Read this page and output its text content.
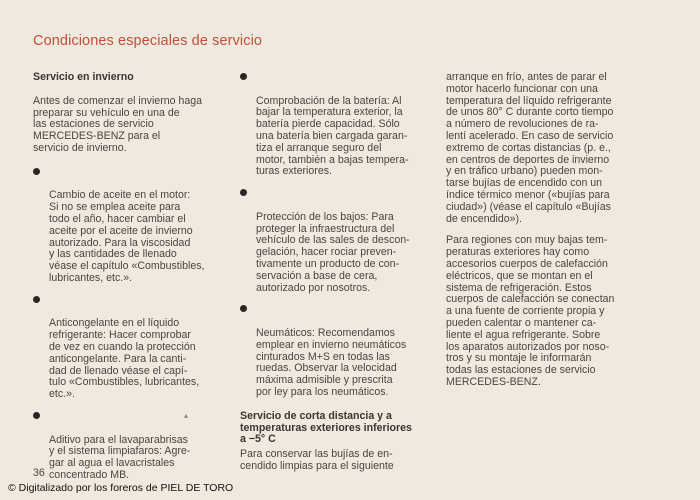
Condiciones especiales de servicio

Servicio en invierno

Antes de comenzar el invierno haga
preparar su vehículo en una de
las estaciones de servicio
MERCEDES-BENZ para el
servicio de invierno.

Cambio de aceite en el motor:
Si no se emplea aceite para
todo el año, hacer cambiar el
aceite por el aceite de invierno
autorizado. Para la viscosidad
y las cantidades de llenado
véase el capítulo «Combustibles,
lubricantes, etc.».

Anticongelante en el líquido
refrigerante: Hacer comprobar
de vez en cuando la protección
anticongelante. Para la canti-
dad de llenado véase el capí-
tulo «Combustibles, lubricantes,
etc.».

Aditivo para el lavaparabrisas
y el sistema limpiafaros: Agre-
gar al agua el lavacristales
concentrado MB.

Comprobación de la batería: Al
bajar la temperatura exterior, la
batería pierde capacidad. Sólo
una batería bien cargada garan-
tiza el arranque seguro del
motor, también a bajas tempera-
turas exteriores.

Protección de los bajos: Para
proteger la infraestructura del
vehículo de las sales de descon-
gelación, hacer rociar preven-
tivamente un producto de con-
servación a base de cera,
autorizado por nosotros.

Neumáticos: Recomendamos
emplear en invierno neumáticos
cinturados M+S en todas las
ruedas. Observar la velocidad
máxima admisible y prescrita
por ley para los neumáticos.

Servicio de corta distancia y a
temperaturas exteriores inferiores
a −5° C

Para conservar las bujías de en-
cendido limpias para el siguiente

arranque en frío, antes de parar el
motor hacerlo funcionar con una
temperatura del líquido refrigerante
de unos 80° C durante corto tiempo
a número de revoluciones de ra-
lentí acelerado. En caso de servicio
extremo de cortas distancias (p. e.,
en centros de deportes de invierno
y en tráfico urbano) pueden mon-
tarse bujías de encendido con un
índice térmico menor («bujías para
ciudad») (véase el capítulo «Bujías
de encendido»).

Para regiones con muy bajas tem-
peraturas exteriores hay como
accesorios cuerpos de calefacción
eléctricos, que se montan en el
sistema de refrigeración. Estos
cuerpos de calefacción se conectan
a una fuente de corriente propia y
pueden calentar o mantener ca-
liente el agua refrigerante. Sobre
los aparatos autorizados por noso-
tros y su montaje le informarán
todas las estaciones de servicio
MERCEDES-BENZ.

▴
36
© Digitalizado por los foreros de PIEL DE TORO
